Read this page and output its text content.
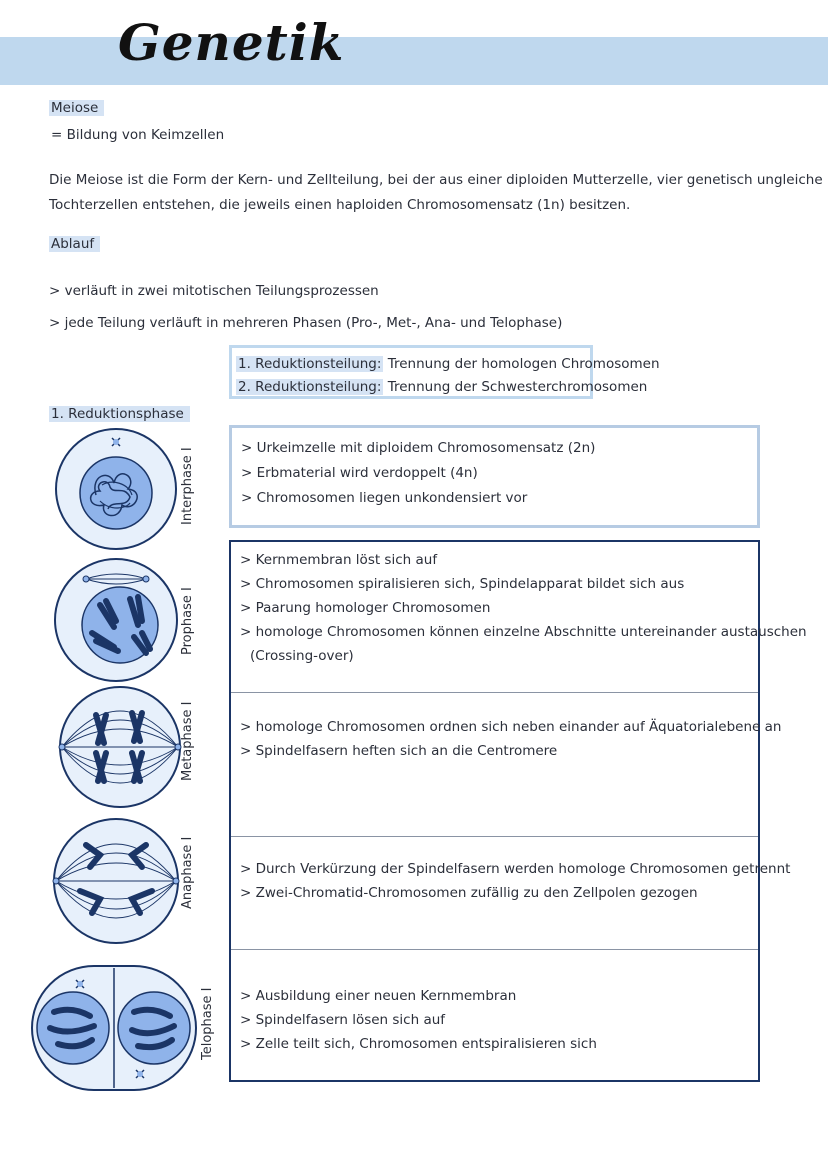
Genetik
Meiose
= Bildung von Keimzellen

Die Meiose ist die Form der Kern- und Zellteilung, bei der aus einer diploiden Mutterzelle, vier genetisch ungleiche
Tochterzellen entstehen, die jeweils einen haploiden Chromosomensatz (1n) besitzen.

Ablauf
> verläuft in zwei mitotischen Teilungsprozessen
> jede Teilung verläuft in mehreren Phasen (Pro-, Met-, Ana- und Telophase)
1. Reduktionsteilung: Trennung der homologen Chromosomen
2. Reduktionsteilung: Trennung der Schwesterchromosomen
1. Reduktionsphase
> Urkeimzelle mit diploidem Chromosomensatz (2n)
> Erbmaterial wird verdoppelt (4n)
> Chromosomen liegen unkondensiert vor
> Kernmembran löst sich auf
> Chromosomen spiralisieren sich, Spindelapparat bildet sich aus
> Paarung homologer Chromosomen
> homologe Chromosomen können einzelne Abschnitte untereinander austauschen
(Crossing-over)
> homologe Chromosomen ordnen sich neben einander auf Äquatorialebene an
> Spindelfasern heften sich an die Centromere
> Durch Verkürzung der Spindelfasern werden homologe Chromosomen getrennt
> Zwei-Chromatid-Chromosomen zufällig zu den Zellpolen gezogen
> Ausbildung einer neuen Kernmembran
> Spindelfasern lösen sich auf
> Zelle teilt sich, Chromosomen entspiralisieren sich
Interphase I
Prophase I
Metaphase I
Anaphase I
Telophase I
